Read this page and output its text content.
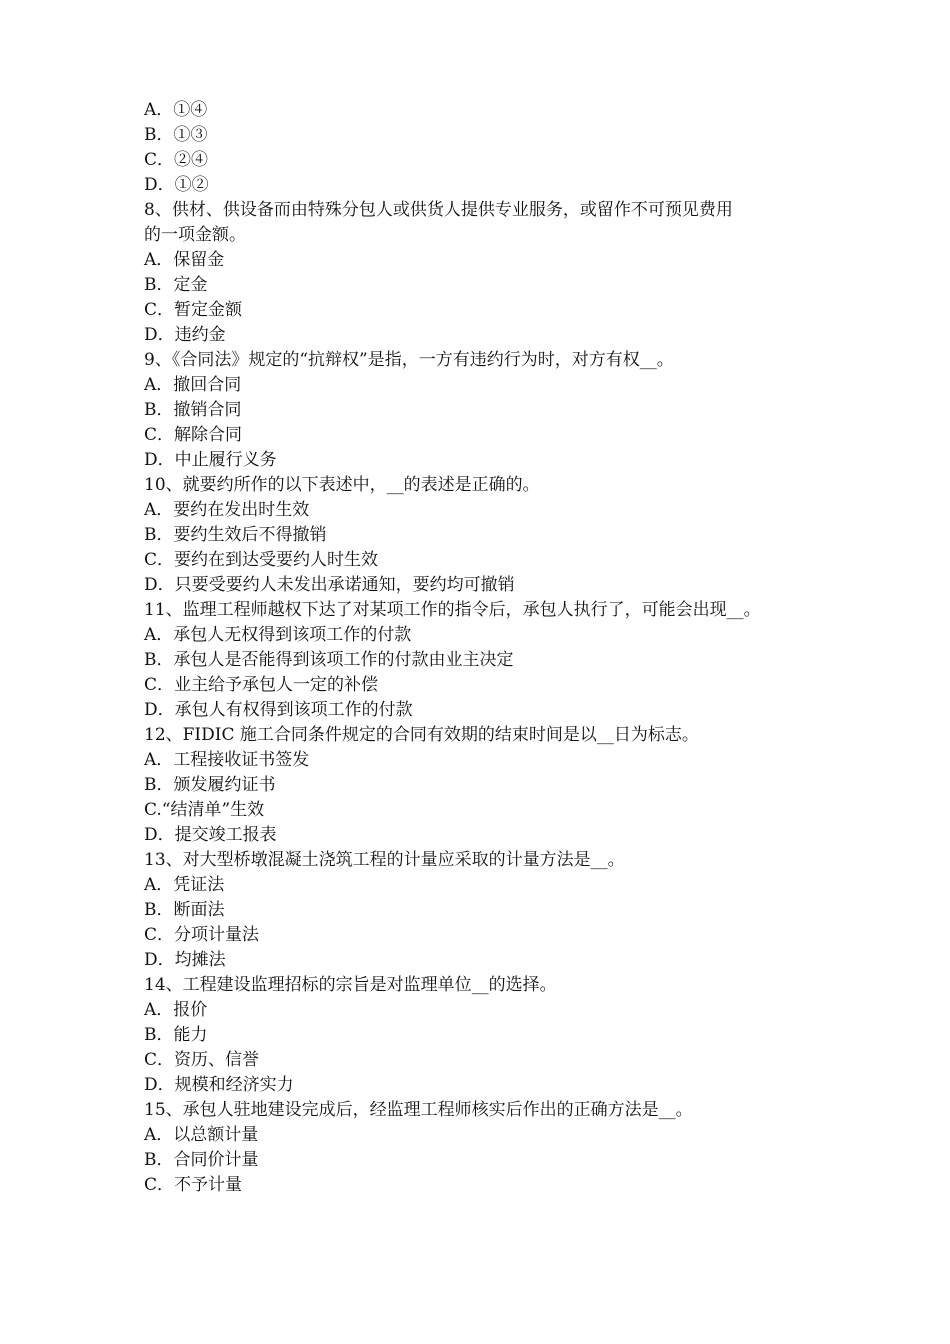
A．①④
B．①③
C．②④
D．①②
8、供材、供设备而由特殊分包人或供货人提供专业服务，或留作不可预见费用
的一项金额。
A．保留金
B．定金
C．暂定金额
D．违约金
9、《合同法》规定的“抗辩权”是指，一方有违约行为时，对方有权__。
A．撤回合同
B．撤销合同
C．解除合同
D．中止履行义务
10、就要约所作的以下表述中，__的表述是正确的。
A．要约在发出时生效
B．要约生效后不得撤销
C．要约在到达受要约人时生效
D．只要受要约人未发出承诺通知，要约均可撤销
11、监理工程师越权下达了对某项工作的指令后，承包人执行了，可能会出现__。
A．承包人无权得到该项工作的付款
B．承包人是否能得到该项工作的付款由业主决定
C．业主给予承包人一定的补偿
D．承包人有权得到该项工作的付款
12、FIDIC 施工合同条件规定的合同有效期的结束时间是以__日为标志。
A．工程接收证书签发
B．颁发履约证书
C.“结清单”生效
D．提交竣工报表
13、对大型桥墩混凝土浇筑工程的计量应采取的计量方法是__。
A．凭证法
B．断面法
C．分项计量法
D．均摊法
14、工程建设监理招标的宗旨是对监理单位__的选择。
A．报价
B．能力
C．资历、信誉
D．规模和经济实力
15、承包人驻地建设完成后，经监理工程师核实后作出的正确方法是__。
A．以总额计量
B．合同价计量
C．不予计量
